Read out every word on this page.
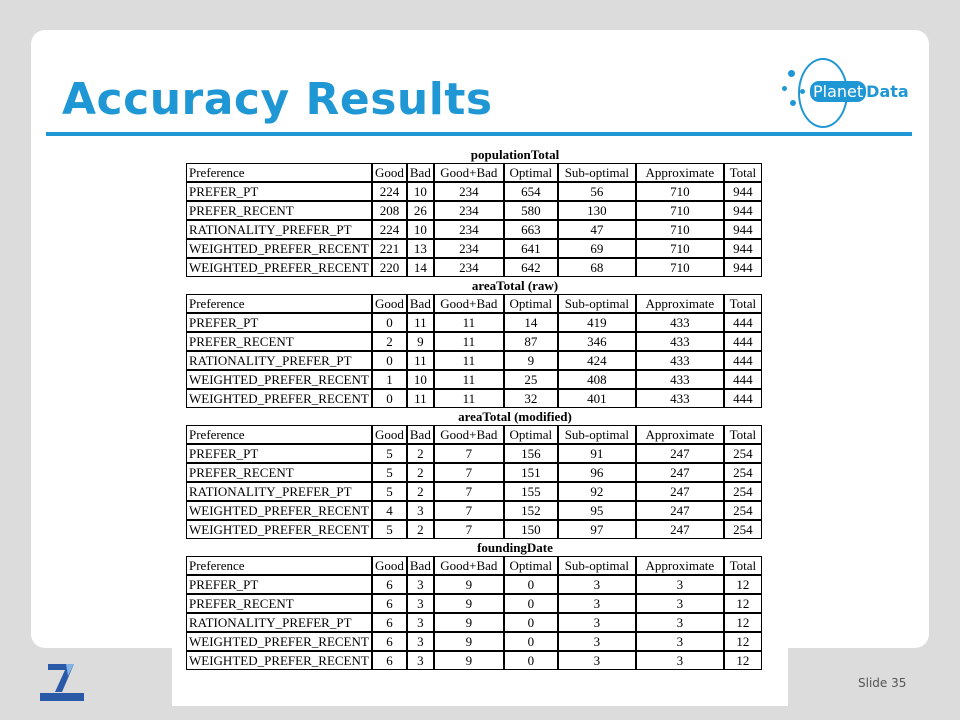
Accuracy Results	Planet Data
populationTotal
Preference	Good	Bad	Good+Bad	Optimal	Sub-optimal	Approximate	Total
PREFER_PT	224	10	234	654	56	710	944
PREFER_RECENT	208	26	234	580	130	710	944
RATIONALITY_PREFER_PT	224	10	234	663	47	710	944
WEIGHTED_PREFER_RECENT	221	13	234	641	69	710	944
WEIGHTED_PREFER_RECENT	220	14	234	642	68	710	944
areaTotal (raw)
Preference	Good	Bad	Good+Bad	Optimal	Sub-optimal	Approximate	Total
PREFER_PT	0	11	11	14	419	433	444
PREFER_RECENT	2	9	11	87	346	433	444
RATIONALITY_PREFER_PT	0	11	11	9	424	433	444
WEIGHTED_PREFER_RECENT	1	10	11	25	408	433	444
WEIGHTED_PREFER_RECENT	0	11	11	32	401	433	444
areaTotal (modified)
Preference	Good	Bad	Good+Bad	Optimal	Sub-optimal	Approximate	Total
PREFER_PT	5	2	7	156	91	247	254
PREFER_RECENT	5	2	7	151	96	247	254
RATIONALITY_PREFER_PT	5	2	7	155	92	247	254
WEIGHTED_PREFER_RECENT	4	3	7	152	95	247	254
WEIGHTED_PREFER_RECENT	5	2	7	150	97	247	254
foundingDate
Preference	Good	Bad	Good+Bad	Optimal	Sub-optimal	Approximate	Total
PREFER_PT	6	3	9	0	3	3	12
PREFER_RECENT	6	3	9	0	3	3	12
RATIONALITY_PREFER_PT	6	3	9	0	3	3	12
WEIGHTED_PREFER_RECENT	6	3	9	0	3	3	12
WEIGHTED_PREFER_RECENT	6	3	9	0	3	3	12
Slide 35
